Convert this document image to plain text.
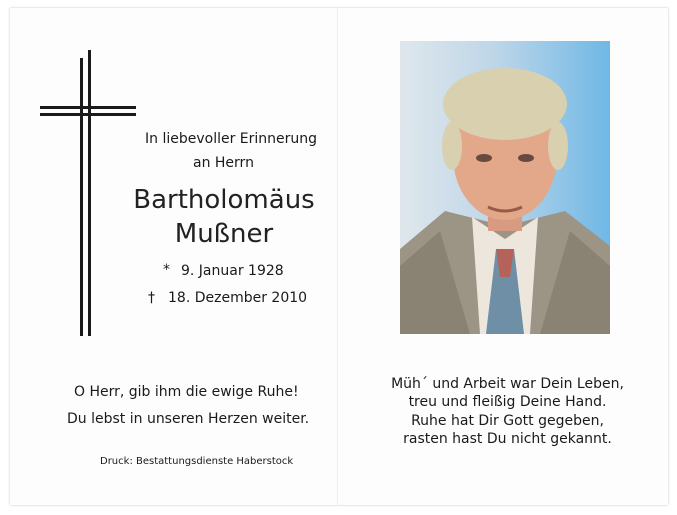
In liebevoller Erinnerung
an Herrn
Bartholomäus
Mußner
* 9. Januar 1928
† 18. Dezember 2010
O Herr, gib ihm die ewige Ruhe!
Du lebst in unseren Herzen weiter.
Druck: Bestattungsdienste Haberstock
Müh´ und Arbeit war Dein Leben,
treu und fleißig Deine Hand.
Ruhe hat Dir Gott gegeben,
rasten hast Du nicht gekannt.
